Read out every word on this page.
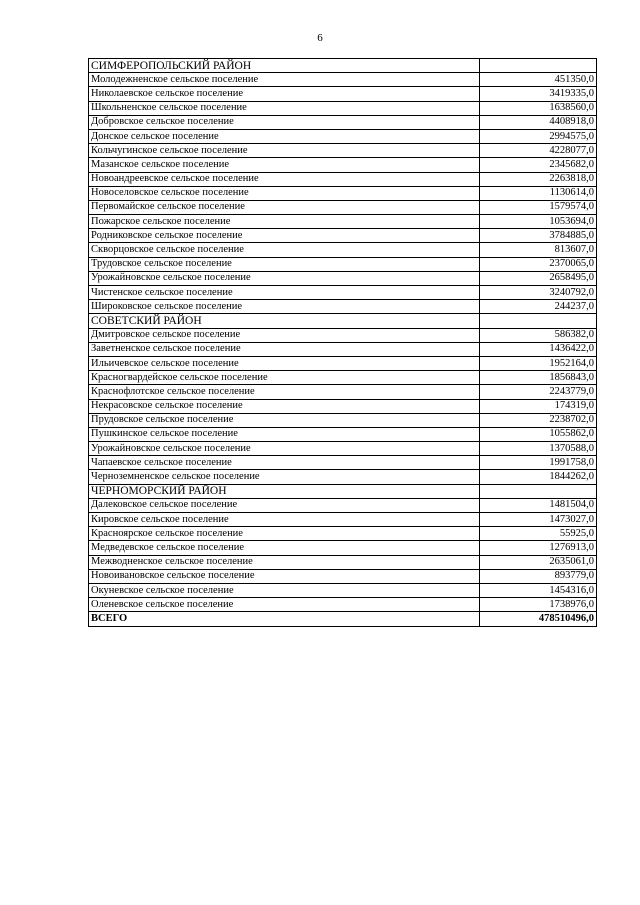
6
СИМФЕРОПОЛЬСКИЙ РАЙОН	
Молодежненское сельское поселение	451350,0
Николаевское сельское поселение	3419335,0
Школьненское сельское поселение	1638560,0
Добровское сельское поселение	4408918,0
Донское сельское поселение	2994575,0
Кольчугинское сельское поселение	4228077,0
Мазанское сельское поселение	2345682,0
Новоандреевское сельское поселение	2263818,0
Новоселовское сельское поселение	1130614,0
Первомайское сельское поселение	1579574,0
Пожарское сельское поселение	1053694,0
Родниковское сельское поселение	3784885,0
Скворцовское сельское поселение	813607,0
Трудовское сельское поселение	2370065,0
Урожайновское сельское поселение	2658495,0
Чистенское сельское поселение	3240792,0
Широковское сельское поселение	244237,0
СОВЕТСКИЙ РАЙОН	
Дмитровское сельское поселение	586382,0
Заветненское сельское поселение	1436422,0
Ильичевское сельское поселение	1952164,0
Красногвардейское сельское поселение	1856843,0
Краснофлотское сельское поселение	2243779,0
Некрасовское сельское поселение	174319,0
Прудовское сельское поселение	2238702,0
Пушкинское сельское поселение	1055862,0
Урожайновское сельское поселение	1370588,0
Чапаевское сельское поселение	1991758,0
Черноземненское сельское поселение	1844262,0
ЧЕРНОМОРСКИЙ РАЙОН	
Далековское сельское поселение	1481504,0
Кировское сельское поселение	1473027,0
Красноярское сельское поселение	55925,0
Медведевское сельское поселение	1276913,0
Межводненское сельское поселение	2635061,0
Новоивановское сельское поселение	893779,0
Окуневское сельское поселение	1454316,0
Оленевское сельское поселение	1738976,0
ВСЕГО	478510496,0
